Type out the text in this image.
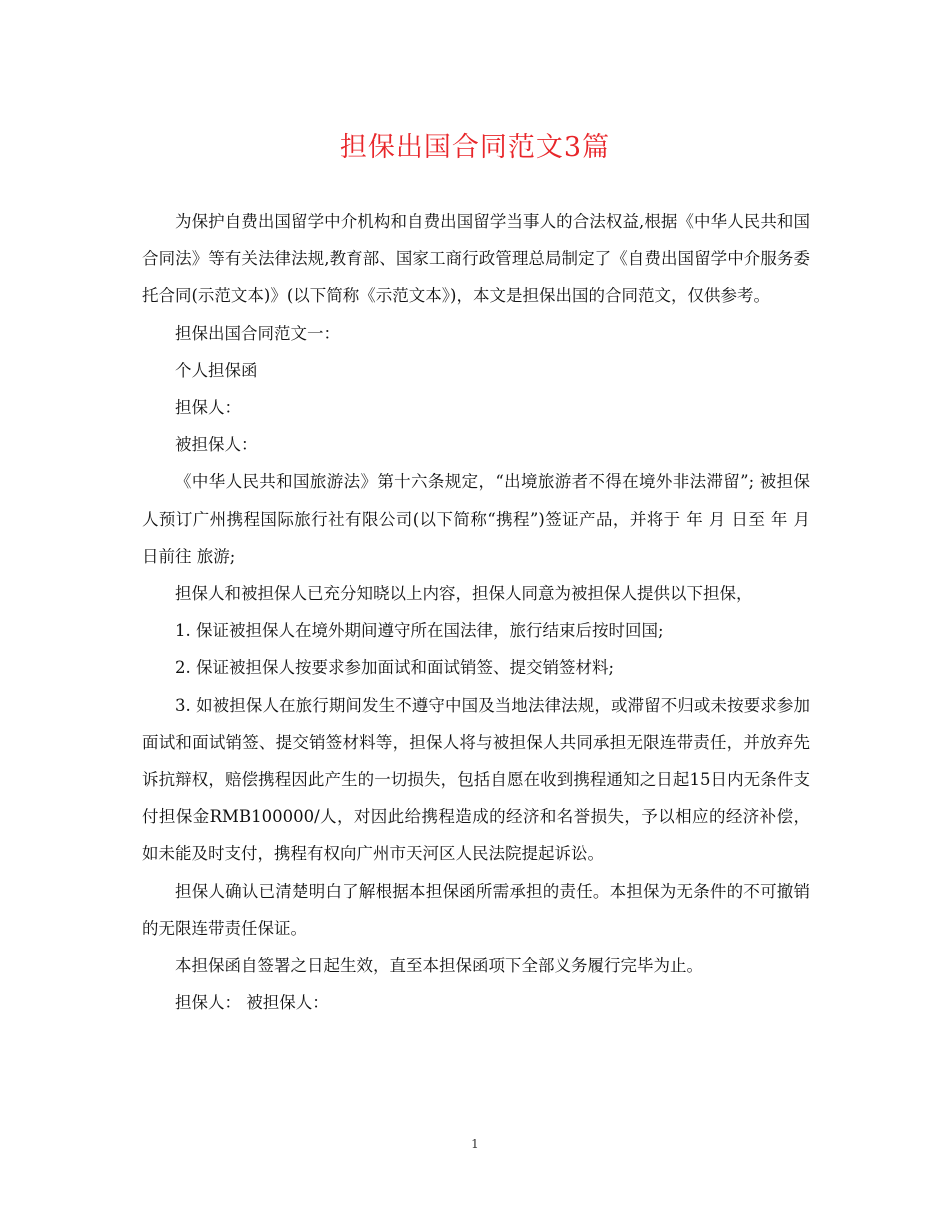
担保出国合同范文3篇

为保护自费出国留学中介机构和自费出国留学当事人的合法权益,根据《中华人民共和国合同法》等有关法律法规,教育部、国家工商行政管理总局制定了《自费出国留学中介服务委托合同(示范文本)》(以下简称《示范文本》)，本文是担保出国的合同范文，仅供参考。

担保出国合同范文一：

个人担保函

担保人：

被担保人：

《中华人民共和国旅游法》第十六条规定，“出境旅游者不得在境外非法滞留”; 被担保人预订广州携程国际旅行社有限公司(以下简称“携程”)签证产品，并将于 年 月 日至 年 月 日前往 旅游;

担保人和被担保人已充分知晓以上内容，担保人同意为被担保人提供以下担保，

1. 保证被担保人在境外期间遵守所在国法律，旅行结束后按时回国;

2. 保证被担保人按要求参加面试和面试销签、提交销签材料;

3. 如被担保人在旅行期间发生不遵守中国及当地法律法规，或滞留不归或未按要求参加面试和面试销签、提交销签材料等，担保人将与被担保人共同承担无限连带责任，并放弃先诉抗辩权，赔偿携程因此产生的一切损失，包括自愿在收到携程通知之日起15日内无条件支付担保金RMB100000/人，对因此给携程造成的经济和名誉损失，予以相应的经济补偿，如未能及时支付，携程有权向广州市天河区人民法院提起诉讼。

担保人确认已清楚明白了解根据本担保函所需承担的责任。本担保为无条件的不可撤销的无限连带责任保证。

本担保函自签署之日起生效，直至本担保函项下全部义务履行完毕为止。

担保人： 被担保人：

1
